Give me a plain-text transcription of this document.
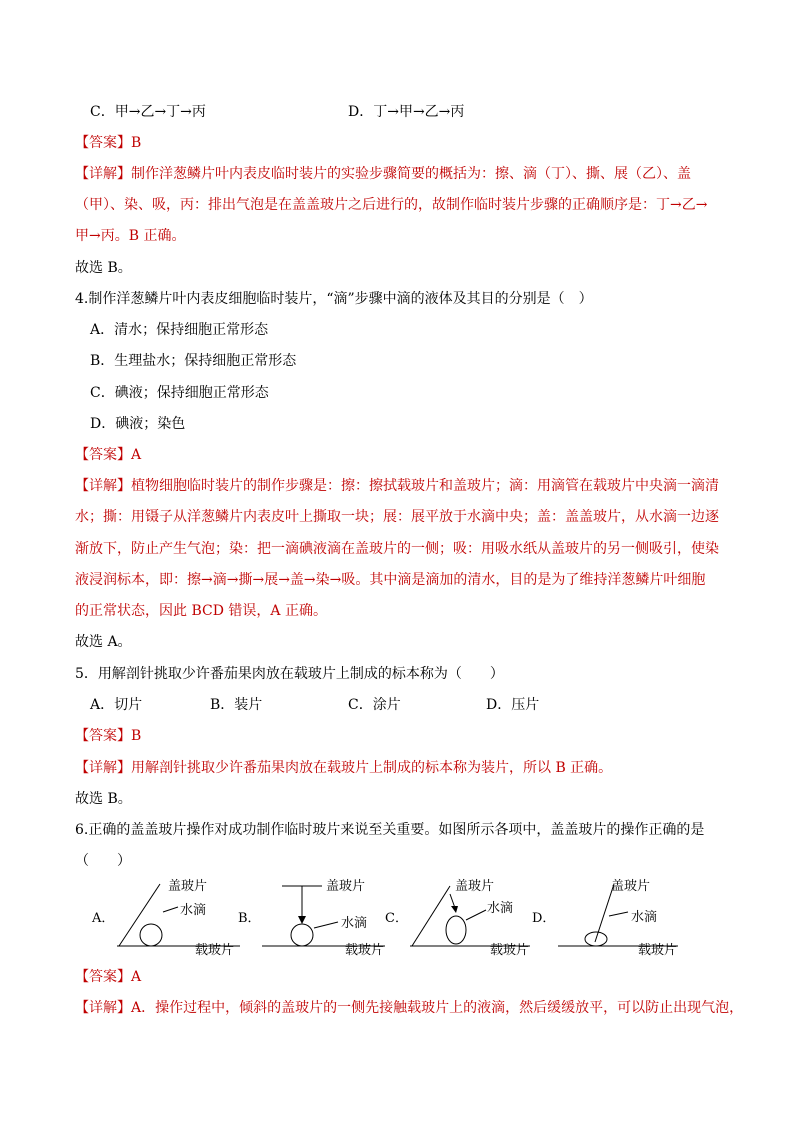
C．甲→乙→丁→丙	D．丁→甲→乙→丙
【答案】B
【详解】制作洋葱鳞片叶内表皮临时装片的实验步骤简要的概括为：擦、滴（丁）、撕、展（乙）、盖
（甲）、染、吸，丙：排出气泡是在盖盖玻片之后进行的，故制作临时装片步骤的正确顺序是：丁→乙→
甲→丙。B 正确。
故选 B。
4.制作洋葱鳞片叶内表皮细胞临时装片，“滴”步骤中滴的液体及其目的分别是（　）
A．清水；保持细胞正常形态
B．生理盐水；保持细胞正常形态
C．碘液；保持细胞正常形态
D．碘液；染色
【答案】A
【详解】植物细胞临时装片的制作步骤是：擦：擦拭载玻片和盖玻片；滴：用滴管在载玻片中央滴一滴清
水；撕：用镊子从洋葱鳞片内表皮叶上撕取一块；展：展平放于水滴中央；盖：盖盖玻片，从水滴一边逐
渐放下，防止产生气泡；染：把一滴碘液滴在盖玻片的一侧；吸：用吸水纸从盖玻片的另一侧吸引，使染
液浸润标本，即：擦→滴→撕→展→盖→染→吸。其中滴是滴加的清水，目的是为了维持洋葱鳞片叶细胞
的正常状态，因此 BCD 错误，A 正确。
故选 A。
5．用解剖针挑取少许番茄果肉放在载玻片上制成的标本称为（　　）
A．切片	B．装片	C．涂片	D．压片
【答案】B
【详解】用解剖针挑取少许番茄果肉放在载玻片上制成的标本称为装片，所以 B 正确。
故选 B。
6.正确的盖盖玻片操作对成功制作临时玻片来说至关重要。如图所示各项中，盖盖玻片的操作正确的是
（　　）
A．
盖玻片
水滴
载玻片
B．
盖玻片
水滴
载玻片
C．
盖玻片
水滴
载玻片
D．
盖玻片
水滴
载玻片
【答案】A
【详解】A．操作过程中，倾斜的盖玻片的一侧先接触载玻片上的液滴，然后缓缓放平，可以防止出现气泡，
